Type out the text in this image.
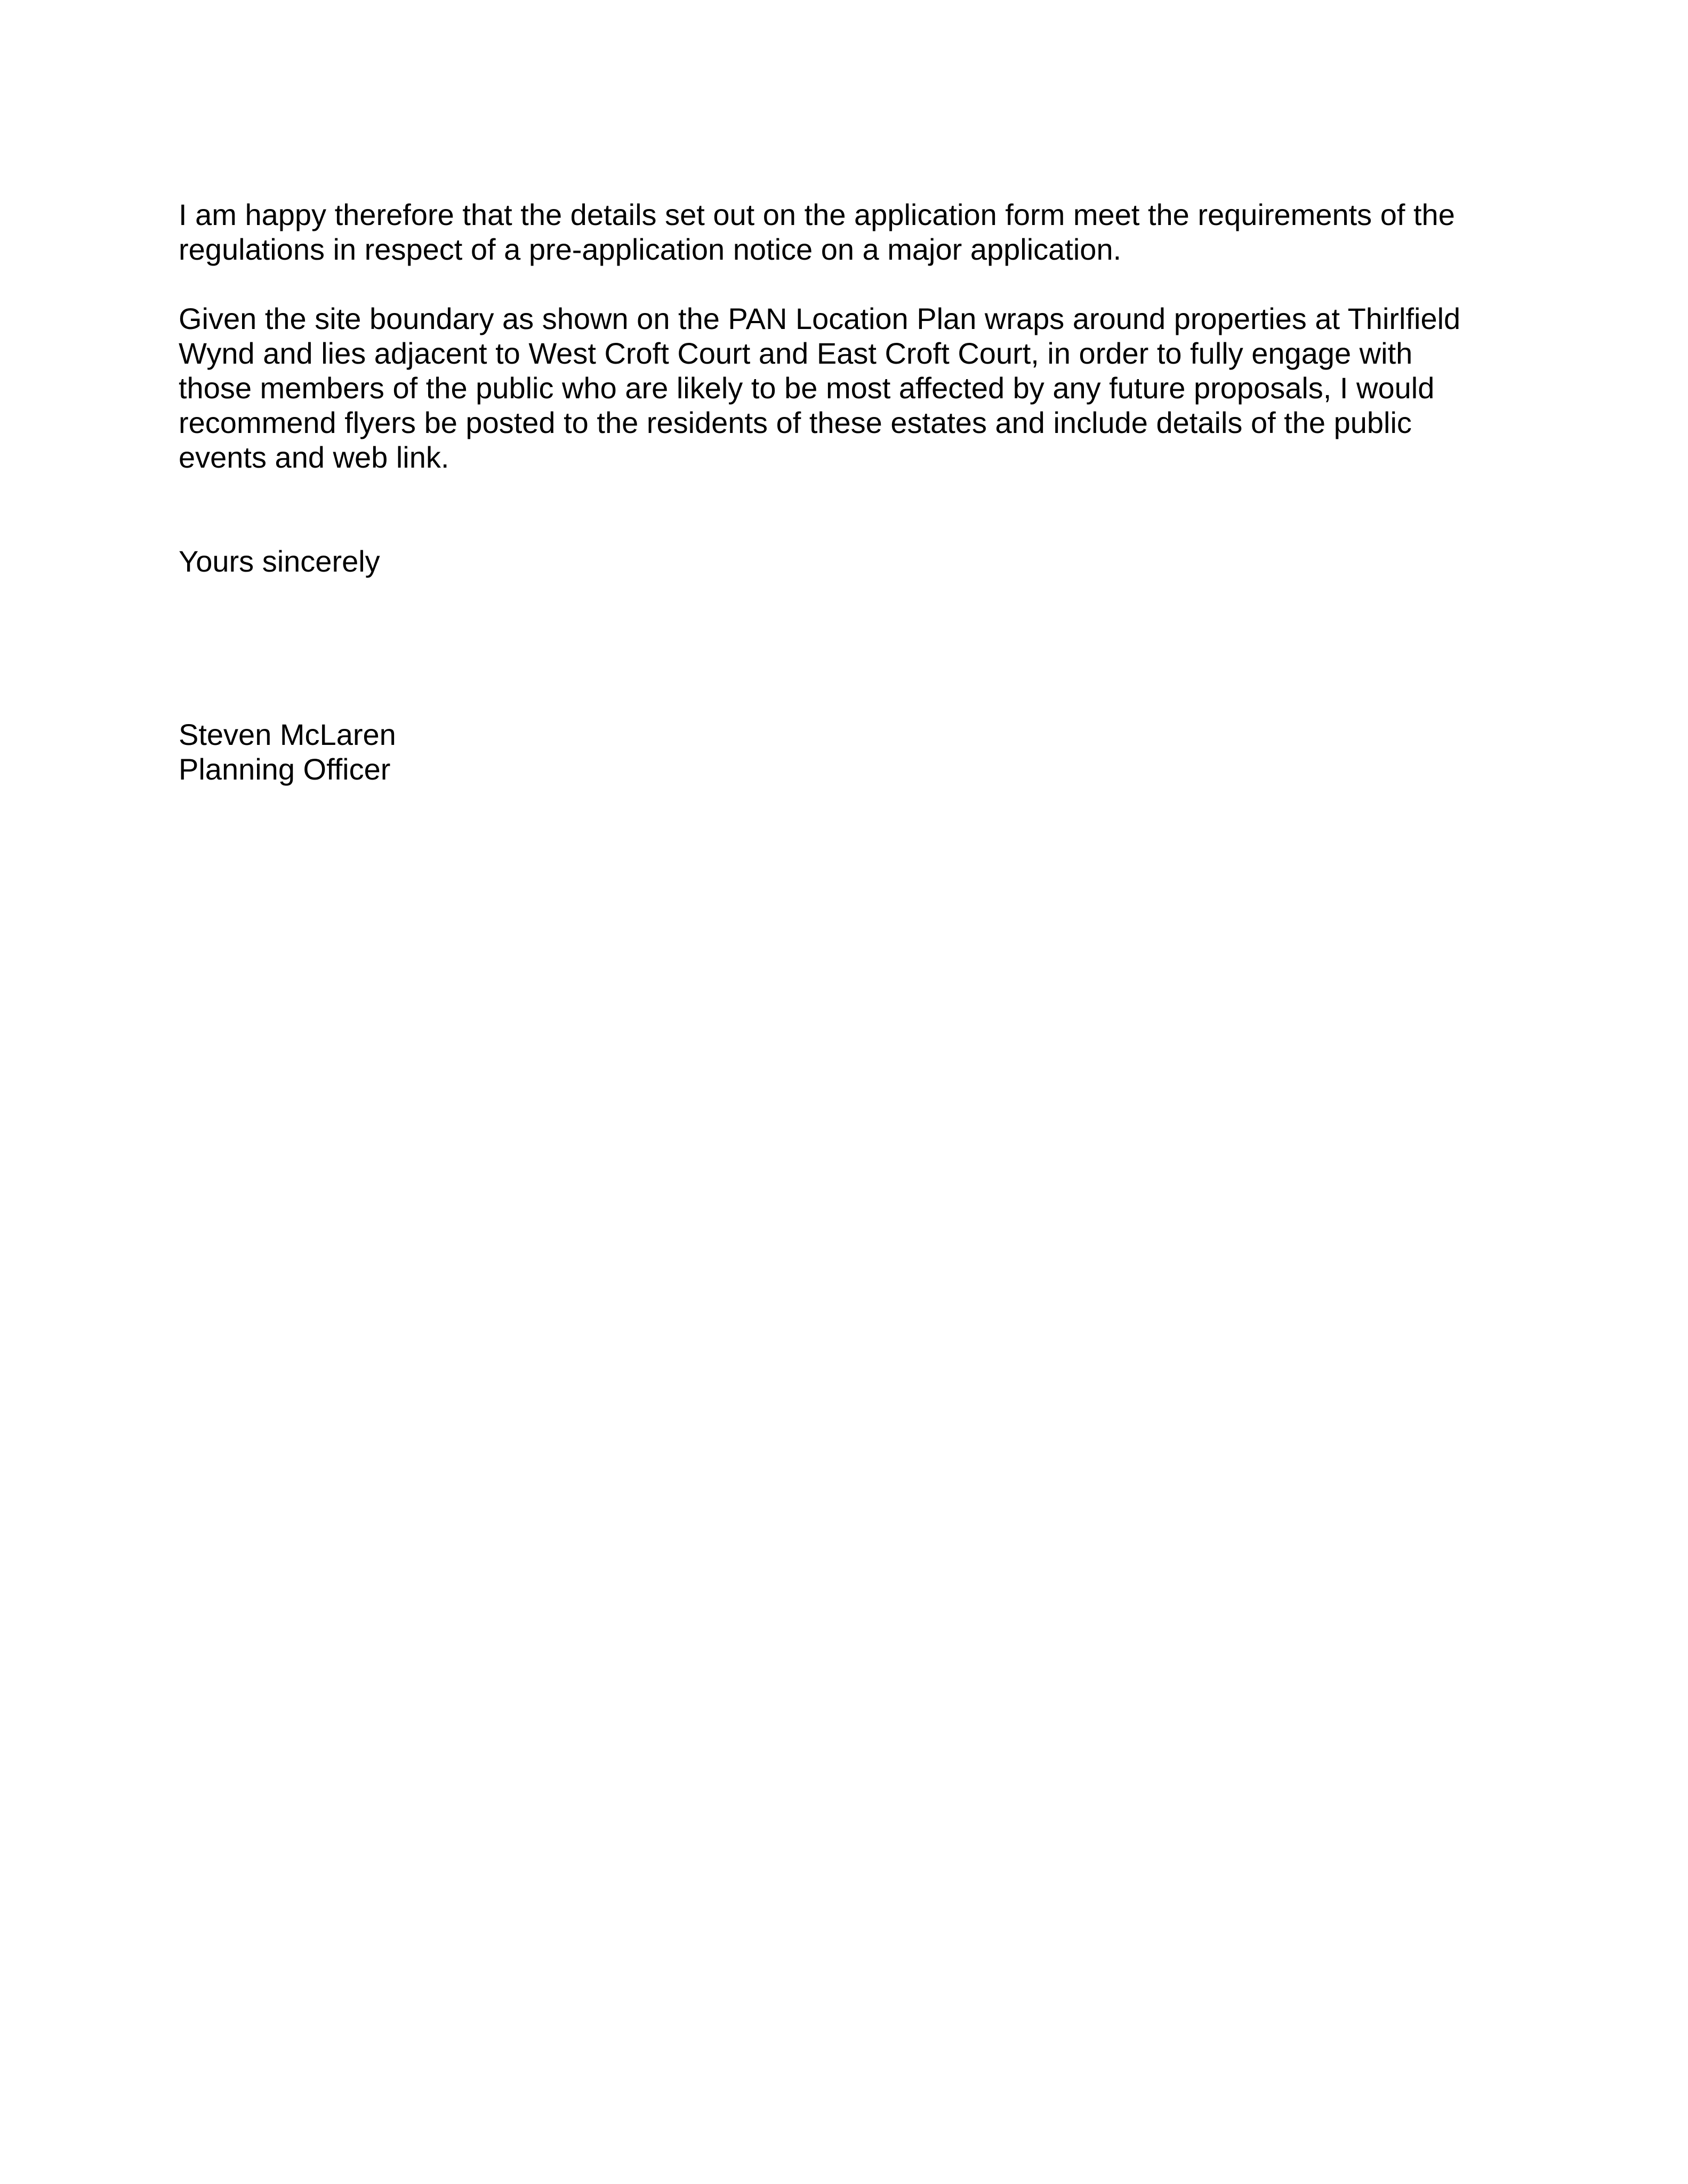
I am happy therefore that the details set out on the application form meet the requirements of the
regulations in respect of a pre-application notice on a major application.

Given the site boundary as shown on the PAN Location Plan wraps around properties at Thirlfield
Wynd and lies adjacent to West Croft Court and East Croft Court, in order to fully engage with
those members of the public who are likely to be most affected by any future proposals, I would
recommend flyers be posted to the residents of these estates and include details of the public
events and web link.

Yours sincerely
Steven McLaren
Planning Officer
